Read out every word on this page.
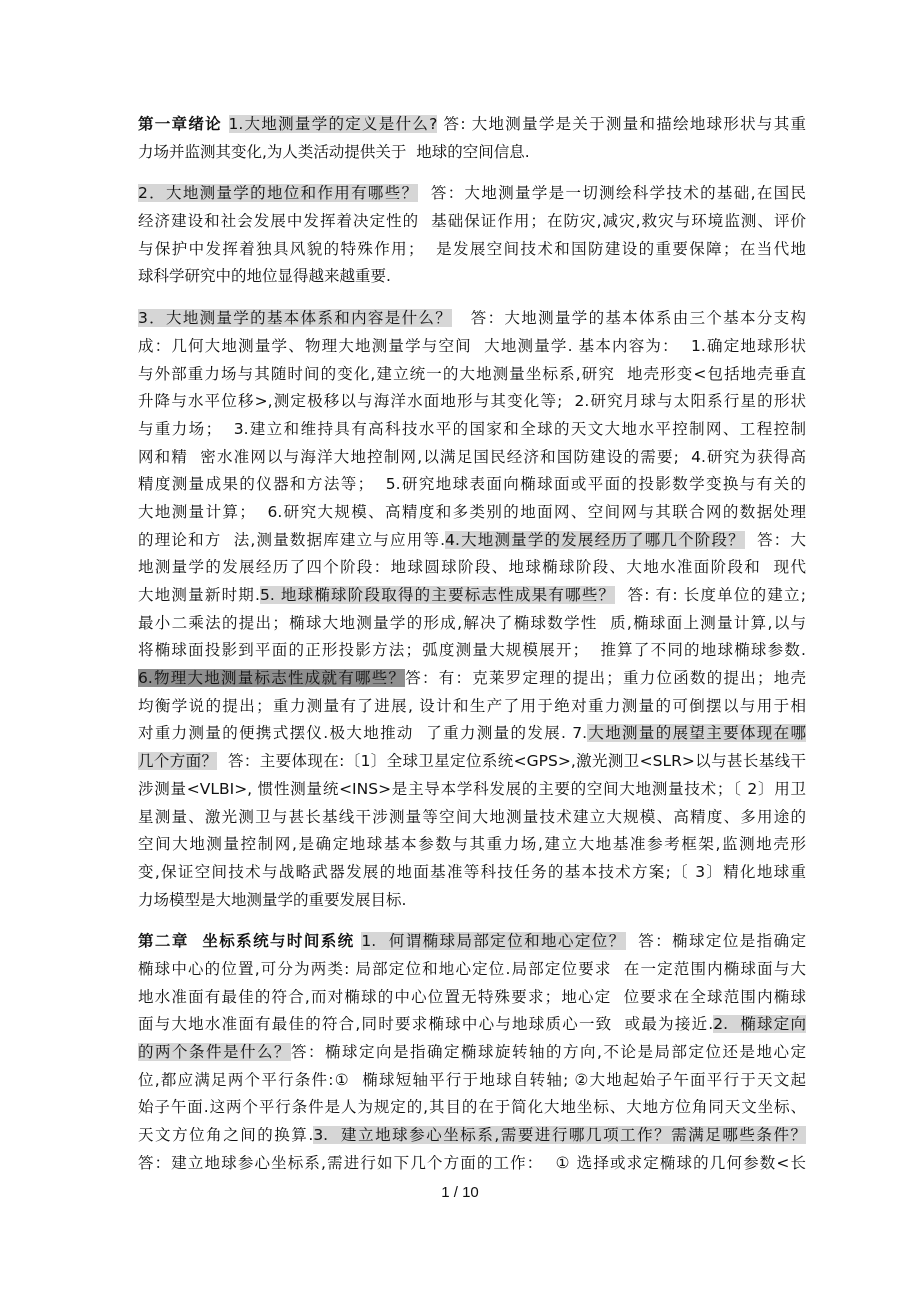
第一章绪论 1.大地测量学的定义是什么? 答: 大地测量学是关于测量和描绘地球形状与其重
力场并监测其变化,为人类活动提供关于  地球的空间信息.
2．大地测量学的地位和作用有哪些？  答：大地测量学是一切测绘科学技术的基础,在国民
经济建设和社会发展中发挥着决定性的  基础保证作用；在防灾,减灾,救灾与环境监测、评价
与保护中发挥着独具风貌的特殊作用；  是发展空间技术和国防建设的重要保障；在当代地
球科学研究中的地位显得越来越重要.
3．大地测量学的基本体系和内容是什么？   答：大地测量学的基本体系由三个基本分支构
成：几何大地测量学、物理大地测量学与空间  大地测量学. 基本内容为：  1.确定地球形状
与外部重力场与其随时间的变化,建立统一的大地测量坐标系,研究  地壳形变<包括地壳垂直
升降与水平位移>,测定极移以与海洋水面地形与其变化等;  2.研究月球与太阳系行星的形状
与重力场；  3.建立和维持具有高科技水平的国家和全球的天文大地水平控制网、工程控制
网和精  密水准网以与海洋大地控制网,以满足国民经济和国防建设的需要;  4.研究为获得高
精度测量成果的仪器和方法等；  5.研究地球表面向椭球面或平面的投影数学变换与有关的
大地测量计算；  6.研究大规模、高精度和多类别的地面网、空间网与其联合网的数据处理
的理论和方  法,测量数据库建立与应用等.4.大地测量学的发展经历了哪几个阶段？  答：大
地测量学的发展经历了四个阶段：地球圆球阶段、地球椭球阶段、大地水准面阶段和  现代
大地测量新时期.5. 地球椭球阶段取得的主要标志性成果有哪些？  答: 有: 长度单位的建立;
最小二乘法的提出；椭球大地测量学的形成,解决了椭球数学性  质,椭球面上测量计算,以与
将椭球面投影到平面的正形投影方法；弧度测量大规模展开；  推算了不同的地球椭球参数.
6.物理大地测量标志性成就有哪些？答：有：克莱罗定理的提出；重力位函数的提出；地壳
均衡学说的提出；重力测量有了进展, 设计和生产了用于绝对重力测量的可倒摆以与用于相
对重力测量的便携式摆仪.极大地推动  了重力测量的发展. 7.大地测量的展望主要体现在哪
几个方面？  答：主要体现在:〔1〕全球卫星定位系统<GPS>,激光测卫<SLR>以与甚长基线干
涉测量<VLBI>, 惯性测量统<INS>是主导本学科发展的主要的空间大地测量技术；〔 2〕用卫
星测量、激光测卫与甚长基线干涉测量等空间大地测量技术建立大规模、高精度、多用途的
空间大地测量控制网,是确定地球基本参数与其重力场,建立大地基准参考框架,监测地壳形
变,保证空间技术与战略武器发展的地面基准等科技任务的基本技术方案;〔 3〕精化地球重
力场模型是大地测量学的重要发展目标.
第二章  坐标系统与时间系统 1.  何谓椭球局部定位和地心定位？  答：椭球定位是指确定
椭球中心的位置,可分为两类: 局部定位和地心定位.局部定位要求  在一定范围内椭球面与大
地水准面有最佳的符合,而对椭球的中心位置无特殊要求；地心定  位要求在全球范围内椭球
面与大地水准面有最佳的符合,同时要求椭球中心与地球质心一致  或最为接近.2.  椭球定向
的两个条件是什么？答：椭球定向是指确定椭球旋转轴的方向,不论是局部定位还是地心定
位,都应满足两个平行条件:①  椭球短轴平行于地球自转轴; ②大地起始子午面平行于天文起
始子午面.这两个平行条件是人为规定的,其目的在于简化大地坐标、大地方位角同天文坐标、
天文方位角之间的换算.3.  建立地球参心坐标系,需要进行哪几项工作？需满足哪些条件？
答：建立地球参心坐标系,需进行如下几个方面的工作：  ① 选择或求定椭球的几何参数<长
1 / 10
